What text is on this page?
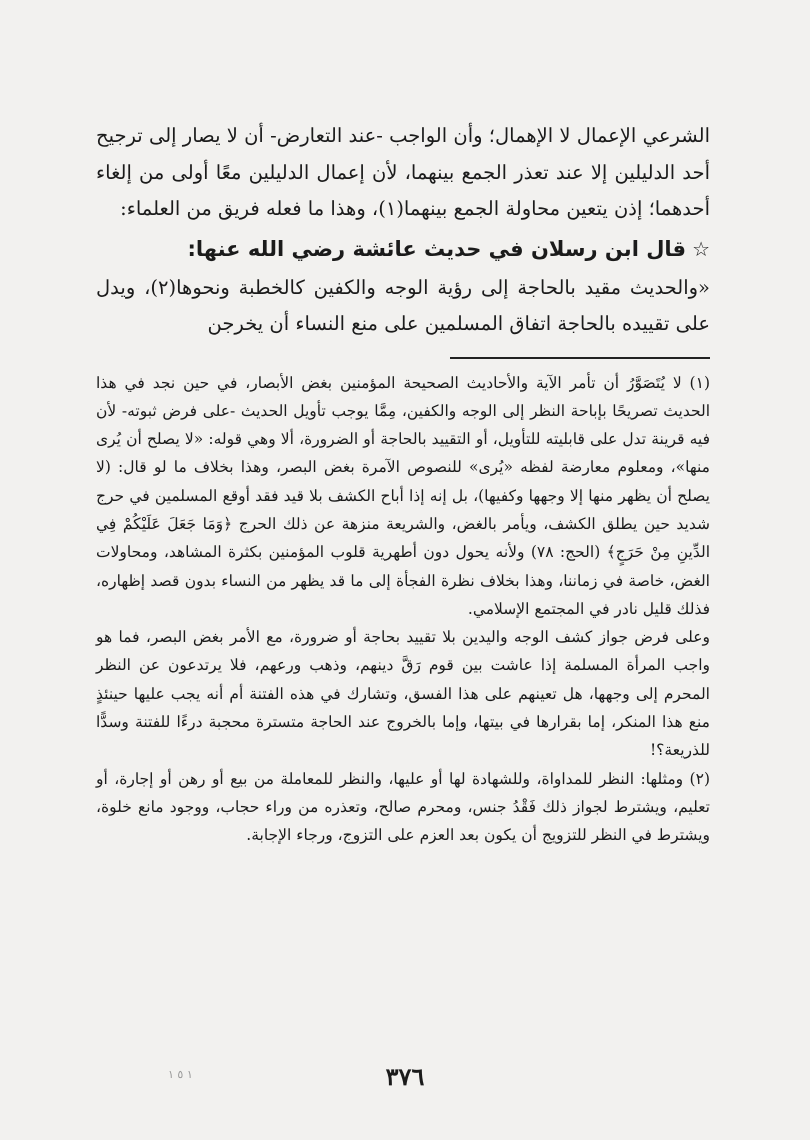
الشرعي الإعمال لا الإهمال؛ وأن الواجب -عند التعارض- أن لا يصار إلى ترجيح أحد الدليلين إلا عند تعذر الجمع بينهما، لأن إعمال الدليلين معًا أولى من إلغاء أحدهما؛ إذن يتعين محاولة الجمع بينهما(١)، وهذا ما فعله فريق من العلماء:

☆قال ابن رسلان في حديث عائشة رضي الله عنها:

«والحديث مقيد بالحاجة إلى رؤية الوجه والكفين كالخطبة ونحوها(٢)، ويدل على تقييده بالحاجة اتفاق المسلمين على منع النساء أن يخرجن

(١) لا يُتَصَوَّرُ أن تأمر الآية والأحاديث الصحيحة المؤمنين بغض الأبصار، في حين نجد في هذا الحديث تصريحًا بإباحة النظر إلى الوجه والكفين، مِمَّا يوجب تأويل الحديث -على فرض ثبوته- لأن فيه قرينة تدل على قابليته للتأويل، أو التقييد بالحاجة أو الضرورة، ألا وهي قوله: «لا يصلح أن يُرى منها»، ومعلوم معارضة لفظه «يُرى» للنصوص الآمرة بغض البصر، وهذا بخلاف ما لو قال: (لا يصلح أن يظهر منها إلا وجهها وكفيها)، بل إنه إذا أباح الكشف بلا قيد فقد أوقع المسلمين في حرج شديد حين يطلق الكشف، ويأمر بالغض، والشريعة منزهة عن ذلك الحرج ﴿وَمَا جَعَلَ عَلَيْكُمْ فِي الدِّينِ مِنْ حَرَجٍ﴾ (الحج: ٧٨) ولأنه يحول دون أطهرية قلوب المؤمنين بكثرة المشاهد، ومحاولات الغض، خاصة في زماننا، وهذا بخلاف نظرة الفجأة إلى ما قد يظهر من النساء بدون قصد إظهاره، فذلك قليل نادر في المجتمع الإسلامي.

وعلى فرض جواز كشف الوجه واليدين بلا تقييد بحاجة أو ضرورة، مع الأمر بغض البصر، فما هو واجب المرأة المسلمة إذا عاشت بين قوم رَقَّ دينهم، وذهب ورعهم، فلا يرتدعون عن النظر المحرم إلى وجهها، هل تعينهم على هذا الفسق، وتشارك في هذه الفتنة أم أنه يجب عليها حينئذٍ منع هذا المنكر، إما بقرارها في بيتها، وإما بالخروج عند الحاجة متسترة محجبة درءًا للفتنة وسدًّا للذريعة؟!

(٢) ومثلها: النظر للمداواة، وللشهادة لها أو عليها، والنظر للمعاملة من بيع أو رهن أو إجارة، أو تعليم، ويشترط لجواز ذلك فَقْدُ جنس، ومحرم صالح، وتعذره من وراء حجاب، ووجود مانع خلوة، ويشترط في النظر للتزويج أن يكون بعد العزم على التزوج، ورجاء الإجابة.

٣٧٦
١ ٥ ١
